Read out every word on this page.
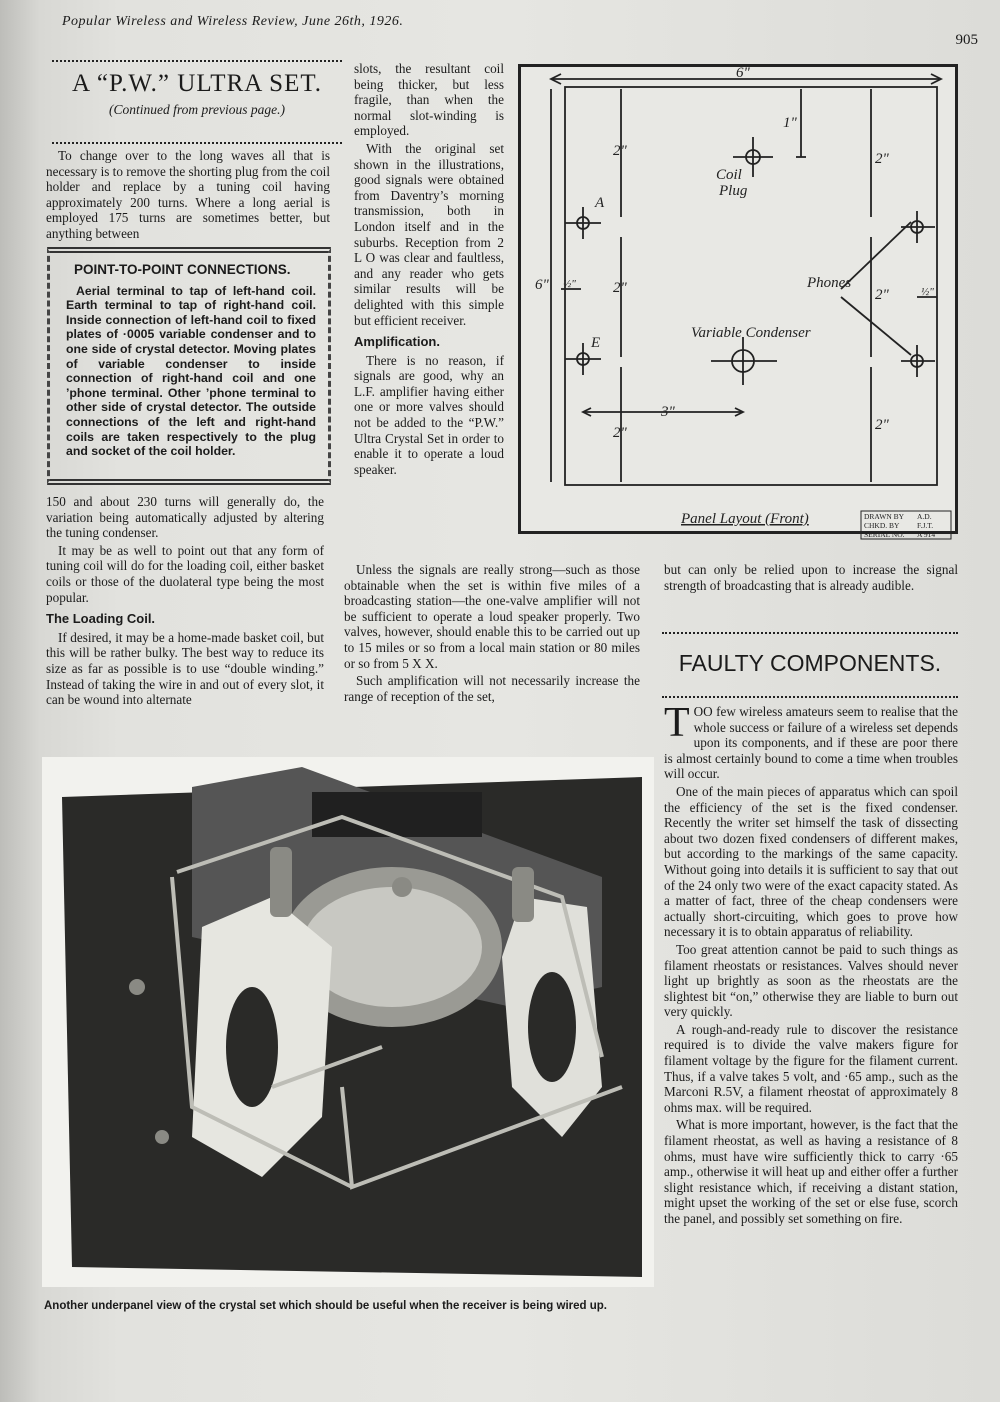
Popular Wireless and Wireless Review, June 26th, 1926.
905
A “P.W.” ULTRA SET.
(Continued from previous page.)

To change over to the long waves all that is necessary is to remove the shorting plug from the coil holder and replace by a tuning coil having approximately 200 turns. Where a long aerial is employed 175 turns are sometimes better, but anything between

POINT-TO-POINT CONNECTIONS.

Aerial terminal to tap of left-hand coil. Earth terminal to tap of right-hand coil. Inside connection of left-hand coil to fixed plates of ·0005 variable condenser and to one side of crystal detector. Moving plates of variable condenser to inside connection of right-hand coil and one ’phone terminal. Other ’phone terminal to other side of crystal detector. The outside connections of the left and right-hand coils are taken respectively to the plug and socket of the coil holder.

150 and about 230 turns will generally do, the variation being automatically adjusted by altering the tuning condenser.

It may be as well to point out that any form of tuning coil will do for the loading coil, either basket coils or those of the duolateral type being the most popular.

The Loading Coil.

If desired, it may be a home-made basket coil, but this will be rather bulky. The best way to reduce its size as far as possible is to use “double winding.” Instead of taking the wire in and out of every slot, it can be wound into alternate

slots, the resultant coil being thicker, but less fragile, than when the normal slot-winding is employed.

With the original set shown in the illustrations, good signals were obtained from Daventry’s morning transmission, both in London itself and in the suburbs. Reception from 2 L O was clear and faultless, and any reader who gets similar results will be delighted with this simple but efficient receiver.

Amplification.

There is no reason, if signals are good, why an L.F. amplifier having either one or more valves should not be added to the “P.W.” Ultra Crystal Set in order to enable it to operate a loud speaker.

Unless the signals are really strong—such as those obtainable when the set is within five miles of a broadcasting station—the one-valve amplifier will not be sufficient to operate a loud speaker properly. Two valves, however, should enable this to be carried out up to 15 miles or so from a local main station or 80 miles or so from 5 X X.

Such amplification will not necessarily increase the range of reception of the set,

but can only be relied upon to increase the signal strength of broadcasting that is already audible.

6"
6"
2"
2"
2"
2"
2"
2"
1"
3"
½"
½"
Coil
Plug
A
E
Phones
Variable Condenser
Panel Layout (Front)	DRAWN BY A.D.
CHKD. BY F.J.T.
SERIAL NO. A 914
FAULTY COMPONENTS.

TOO few wireless amateurs seem to realise that the whole success or failure of a wireless set depends upon its components, and if these are poor there is almost certainly bound to come a time when troubles will occur.

One of the main pieces of apparatus which can spoil the efficiency of the set is the fixed condenser. Recently the writer set himself the task of dissecting about two dozen fixed condensers of different makes, but according to the markings of the same capacity. Without going into details it is sufficient to say that out of the 24 only two were of the exact capacity stated. As a matter of fact, three of the cheap condensers were actually short-circuiting, which goes to prove how necessary it is to obtain apparatus of reliability.

Too great attention cannot be paid to such things as filament rheostats or resistances. Valves should never light up brightly as soon as the rheostats are the slightest bit “on,” otherwise they are liable to burn out very quickly.

A rough-and-ready rule to discover the resistance required is to divide the valve makers figure for filament voltage by the figure for the filament current. Thus, if a valve takes 5 volt, and ·65 amp., such as the Marconi R.5V, a filament rheostat of approximately 8 ohms max. will be required.

What is more important, however, is the fact that the filament rheostat, as well as having a resistance of 8 ohms, must have wire sufficiently thick to carry ·65 amp., otherwise it will heat up and either offer a further slight resistance which, if receiving a distant station, might upset the working of the set or else fuse, scorch the panel, and possibly set something on fire.

Another underpanel view of the crystal set which should be useful when the receiver is being wired up.
